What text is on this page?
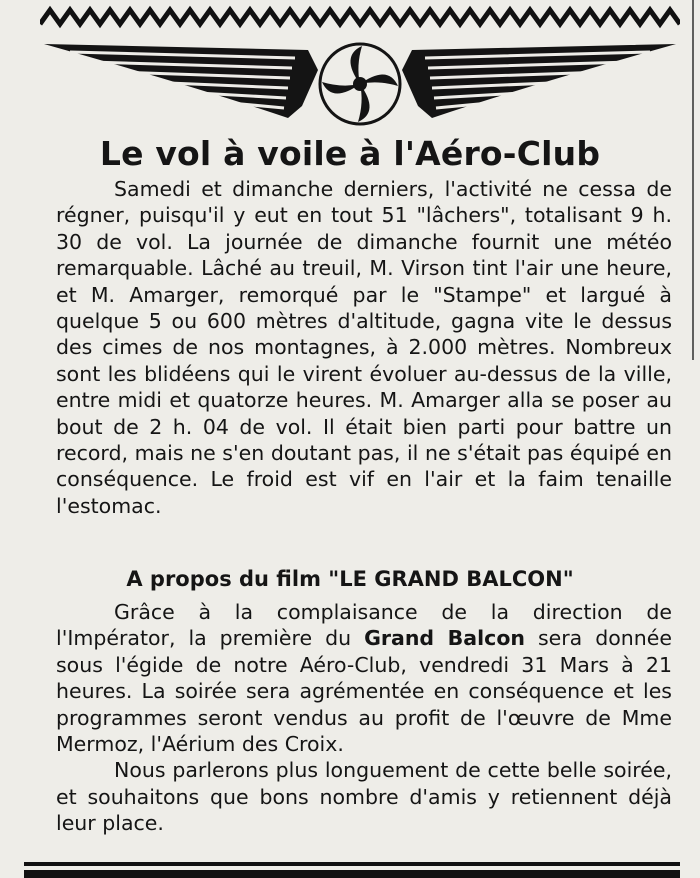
Le vol à voile à l'Aéro-Club

Samedi et dimanche derniers, l'activité ne cessa de régner, puisqu'il y eut en tout 51 "lâchers", totalisant 9 h. 30 de vol. La journée de dimanche fournit une météo remarquable. Lâché au treuil, M. Virson tint l'air une heure, et M. Amarger, remorqué par le "Stampe" et largué à quelque 5 ou 600 mètres d'altitude, gagna vite le dessus des cimes de nos montagnes, à 2.000 mètres. Nombreux sont les blidéens qui le virent évoluer au-dessus de la ville, entre midi et quatorze heures. M. Amarger alla se poser au bout de 2 h. 04 de vol. Il était bien parti pour battre un record, mais ne s'en doutant pas, il ne s'était pas équipé en conséquence. Le froid est vif en l'air et la faim tenaille l'estomac.

A propos du film "LE GRAND BALCON"

Grâce à la complaisance de la direction de l'Impérator, la première du Grand Balcon sera donnée sous l'égide de notre Aéro-Club, vendredi 31 Mars à 21 heures. La soirée sera agrémentée en conséquence et les programmes seront vendus au profit de l'œuvre de Mme Mermoz, l'Aérium des Croix.

Nous parlerons plus longuement de cette belle soirée, et souhaitons que bons nombre d'amis y retiennent déjà leur place.
